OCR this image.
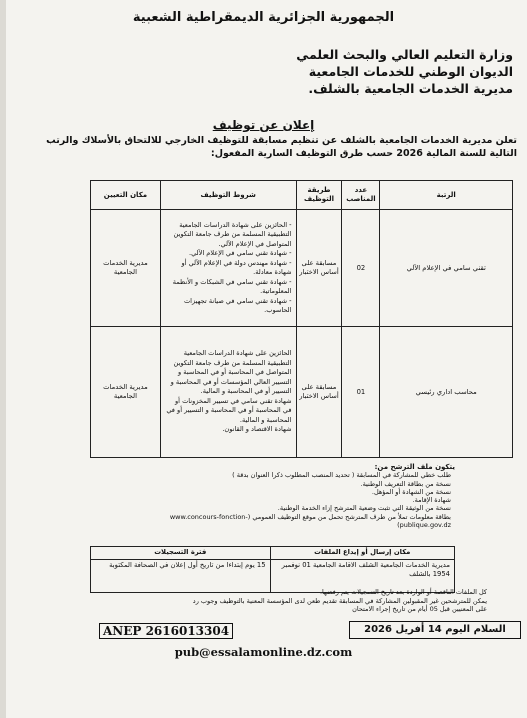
الجمهورية الجزائرية الديمقراطية الشعبية
وزارة التعليم العالي والبحث العلمي
الديوان الوطني للخدمات الجامعية
مديرية الخدمات الجامعية بالشلف.
إعلان عن توظيف
تعلن مديرية الخدمات الجامعية بالشلف عن تنظيم مسابقة للتوظيف الخارجي للالتحاق بالأسلاك والرتب
التالية للسنة المالية 2026 حسب طرق التوظيف السارية المفعول:
الرتبة	عدد المناصب	طريقة التوظيف	شروط التوظيف	مكان التعيين
تقني سامي في الإعلام الآلي	02	مسابقة على أساس الاختبار	- الحائزين على شهادة الدراسات الجامعية التطبيقية المسلمة من طرف جامعة التكوين المتواصل في الإعلام الآلي.
- شهادة تقني سامي في الإعلام الآلي.
- شهادة مهندس دولة في الإعلام الآلي أو شهادة معادلة.
- شهادة تقني سامي في الشبكات و الأنظمة المعلوماتية.
- شهادة تقني سامي في صيانة تجهيزات الحاسوب.	مديرية الخدمات الجامعية
محاسب اداري رئيسي	01	مسابقة على أساس الاختبار	الحائزين على شهادة الدراسات الجامعية التطبيقية المسلمة من طرف جامعة التكوين المتواصل في المحاسبة أو في المحاسبة و التسيير العالي المؤسسات أو في المحاسبة و التسيير أو في المحاسبة و المالية.
شهادة تقني سامي في تسيير المخزونات أو في المحاسبة أو في المحاسبة و التسيير أو في المحاسبة و المالية.
شهادة الاقتصاد و القانون.	مديرية الخدمات الجامعية
يتكون ملف الترشح من:
طلب خطي للمشاركة في المسابقة ( تحديد المنصب المطلوب ذكرا العنوان بدقة )
نسخة من بطاقة التعريف الوطنية.
نسخة من الشهادة أو المؤهل.
شهادة الإقامة.
نسخة من الوثيقة التي تثبت وضعية المترشح إزاء الخدمة الوطنية.
بطاقة معلومات تملأ من طرف المترشح تحمل من موقع التوظيف العمومي (www.concours-fonction-publique.gov.dz)
مكان إرسال أو إيداع الملفات	فترة التسجيلات
مديرية الخدمات الجامعية الشلف الاقامة الجامعية 01 نوفمبر 1954 بالشلف	15 يوم إبتداءا من تاريخ أول إعلان في الصحافة المكتوبة
كل الملفات الناقصة أو الواردة بعد تاريخ التسجيلات يتم رفضها.
يمكن للمترشحين غير المقبولين المشاركة في المسابقة تقديم طعن لدى المؤسسة المعنية بالتوظيف وجوب رد
على المعنيين قبل 05 أيام من تاريخ إجراء الامتحان
ANEP 2616013304	السلام اليوم 14 أفريل 2026
pub@essalamonline.dz.com
